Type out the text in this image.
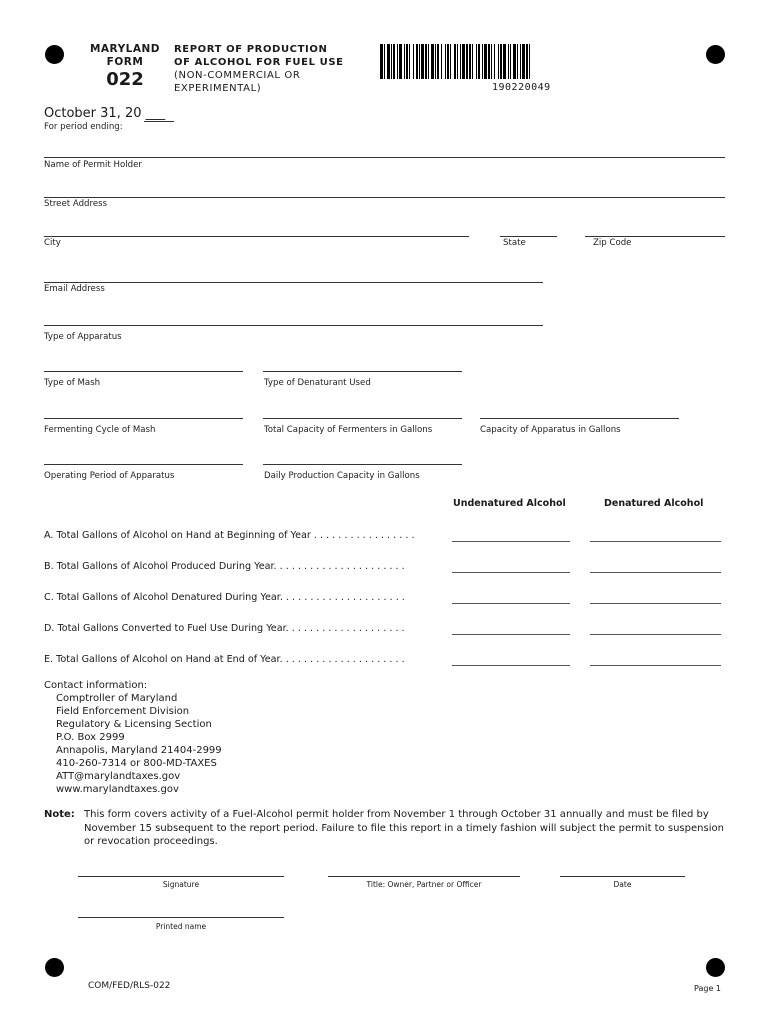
MARYLAND
FORM
022
REPORT OF PRODUCTION OF ALCOHOL FOR FUEL USE (NON-COMMERCIAL OR EXPERIMENTAL)	190220049
October 31, 20 ___
For period ending:
Name of Permit Holder
Street Address
City	State	Zip Code
Email Address
Type of Apparatus
Type of Mash	Type of Denaturant Used
Fermenting Cycle of Mash	Total Capacity of Fermenters in Gallons	Capacity of Apparatus in Gallons
Operating Period of Apparatus	Daily Production Capacity in Gallons
Undenatured Alcohol	Denatured Alcohol
A. Total Gallons of Alcohol on Hand at Beginning of Year . . . . . . . . . . . . . . . . .
B. Total Gallons of Alcohol Produced During Year. . . . . . . . . . . . . . . . . . . . . .
C. Total Gallons of Alcohol Denatured During Year. . . . . . . . . . . . . . . . . . . . .
D. Total Gallons Converted to Fuel Use During Year. . . . . . . . . . . . . . . . . . . .
E. Total Gallons of Alcohol on Hand at End of Year. . . . . . . . . . . . . . . . . . . . .
Contact information:
Comptroller of Maryland
Field Enforcement Division
Regulatory & Licensing Section
P.O. Box 2999
Annapolis, Maryland 21404-2999
410-260-7314 or 800-MD-TAXES
ATT@marylandtaxes.gov
www.marylandtaxes.gov
Note: This form covers activity of a Fuel-Alcohol permit holder from November 1 through October 31 annually and must be filed by November 15 subsequent to the report period. Failure to file this report in a timely fashion will subject the permit to suspension or revocation proceedings.
Signature	Title: Owner, Partner or Officer	Date
Printed name
COM/FED/RLS-022	Page 1
